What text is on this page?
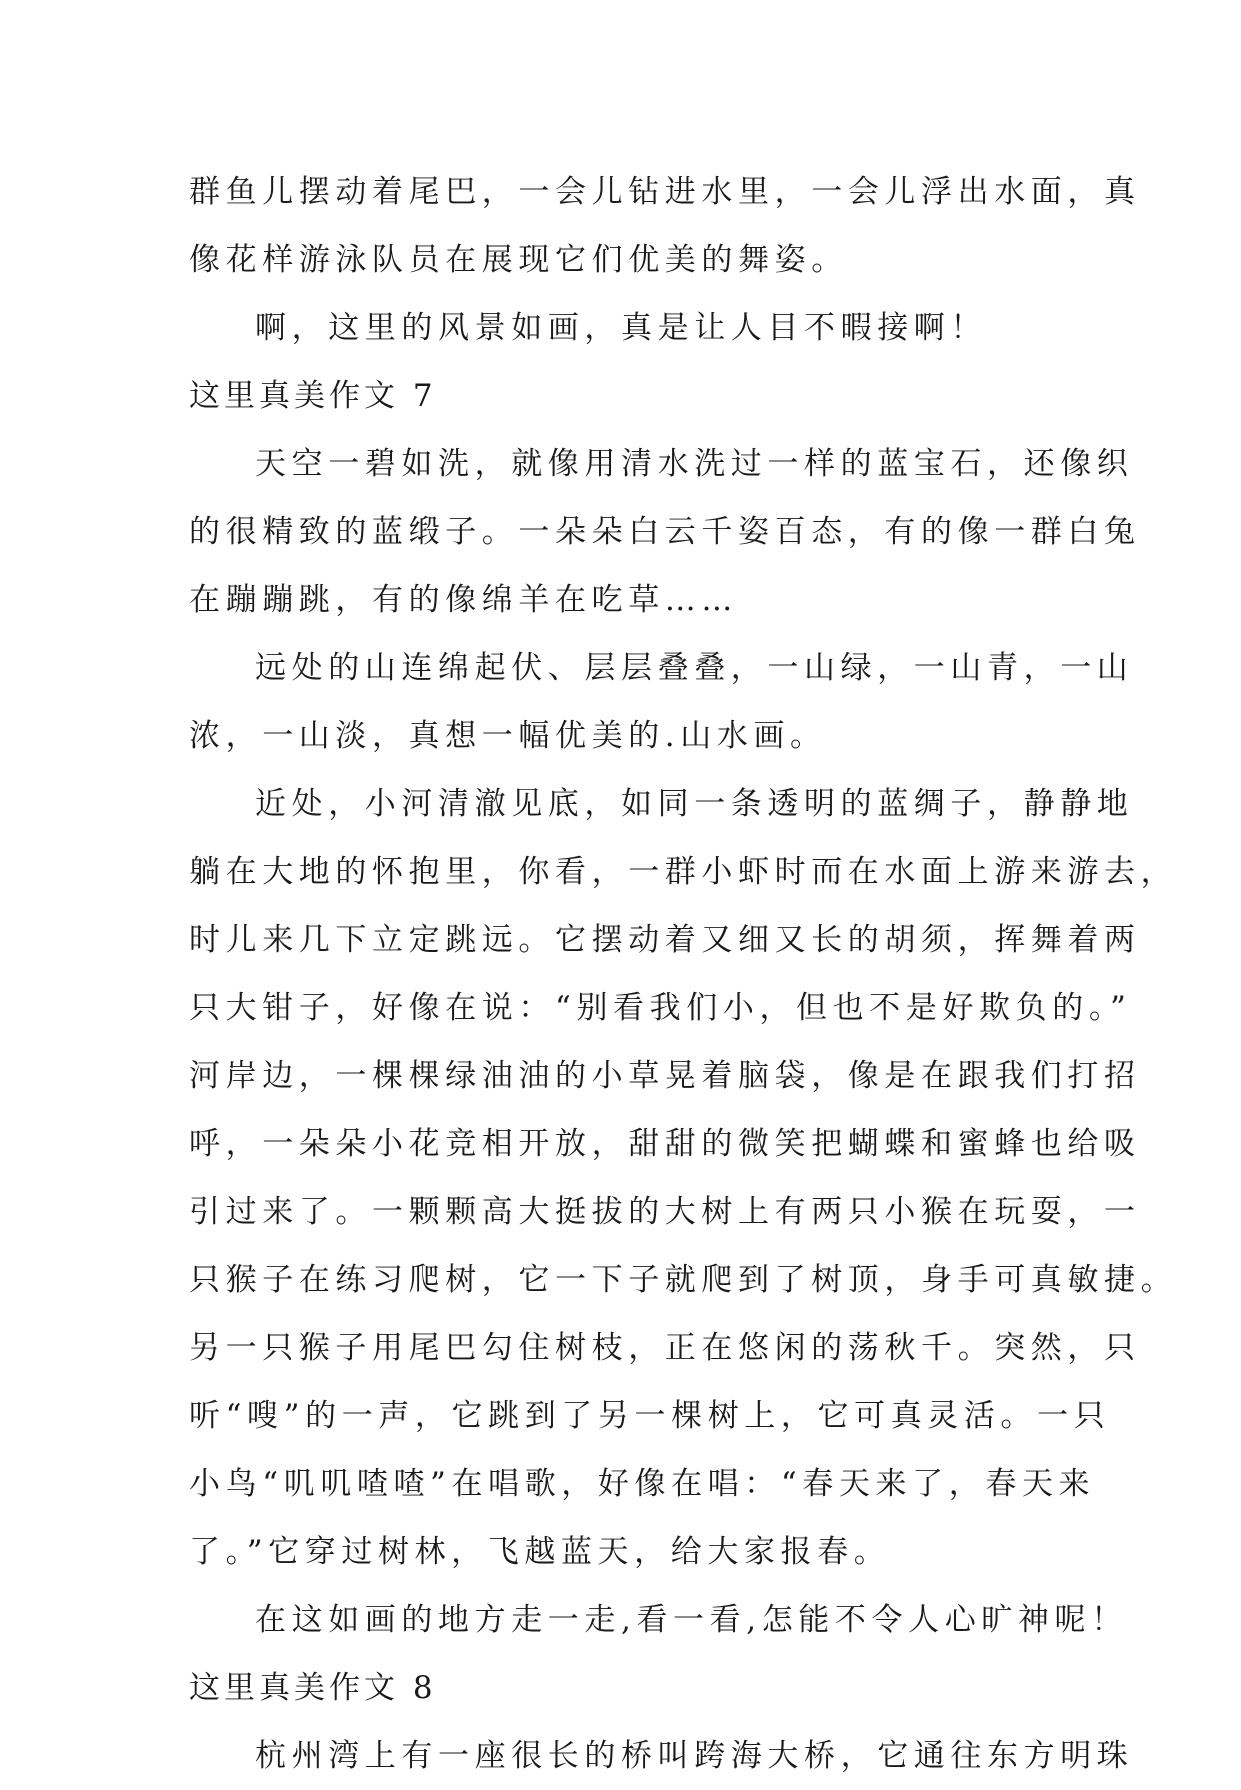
群鱼儿摆动着尾巴，一会儿钻进水里，一会儿浮出水面，真
像花样游泳队员在展现它们优美的舞姿。
啊，这里的风景如画，真是让人目不暇接啊！
这里真美作文 7
天空一碧如洗，就像用清水洗过一样的蓝宝石，还像织
的很精致的蓝缎子。一朵朵白云千姿百态，有的像一群白兔
在蹦蹦跳，有的像绵羊在吃草……
远处的山连绵起伏、层层叠叠，一山绿，一山青，一山
浓，一山淡，真想一幅优美的.山水画。
近处，小河清澈见底，如同一条透明的蓝绸子，静静地
躺在大地的怀抱里，你看，一群小虾时而在水面上游来游去，
时儿来几下立定跳远。它摆动着又细又长的胡须，挥舞着两
只大钳子，好像在说：“别看我们小，但也不是好欺负的。”
河岸边，一棵棵绿油油的小草晃着脑袋，像是在跟我们打招
呼，一朵朵小花竞相开放，甜甜的微笑把蝴蝶和蜜蜂也给吸
引过来了。一颗颗高大挺拔的大树上有两只小猴在玩耍，一
只猴子在练习爬树，它一下子就爬到了树顶，身手可真敏捷。
另一只猴子用尾巴勾住树枝，正在悠闲的荡秋千。突然，只
听“嗖”的一声，它跳到了另一棵树上，它可真灵活。一只
小鸟“叽叽喳喳”在唱歌，好像在唱：“春天来了，春天来
了。”它穿过树林，飞越蓝天，给大家报春。
在这如画的地方走一走,看一看,怎能不令人心旷神呢！
这里真美作文 8
杭州湾上有一座很长的桥叫跨海大桥，它通往东方明珠
